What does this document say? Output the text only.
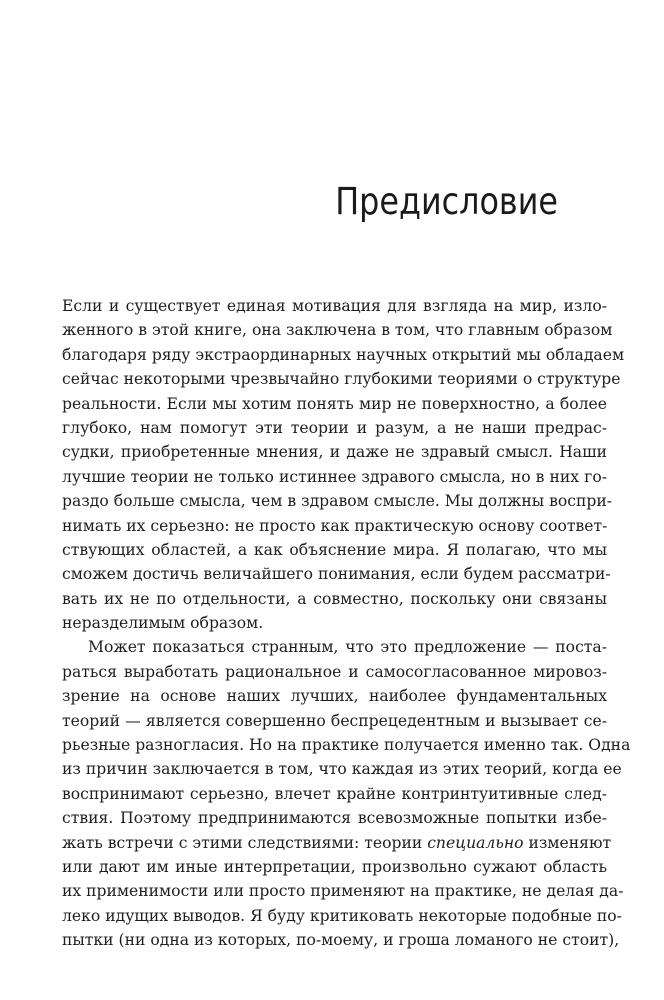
Предисловие
Если и существует единая мотивация для взгляда на мир, изло-
женного в этой книге, она заключена в том, что главным образом
благодаря ряду экстраординарных научных открытий мы обладаем
сейчас некоторыми чрезвычайно глубокими теориями о структуре
реальности. Если мы хотим понять мир не поверхностно, а более
глубоко, нам помогут эти теории и разум, а не наши предрас-
судки, приобретенные мнения, и даже не здравый смысл. Наши
лучшие теории не только истиннее здравого смысла, но в них го-
раздо больше смысла, чем в здравом смысле. Мы должны воспри-
нимать их серьезно: не просто как практическую основу соответ-
ствующих областей, а как объяснение мира. Я полагаю, что мы
сможем достичь величайшего понимания, если будем рассматри-
вать их не по отдельности, а совместно, поскольку они связаны
неразделимым образом.
Может показаться странным, что это предложение — поста-
раться выработать рациональное и самосогласованное мировоз-
зрение на основе наших лучших, наиболее фундаментальных
теорий — является совершенно беспрецедентным и вызывает се-
рьезные разногласия. Но на практике получается именно так. Одна
из причин заключается в том, что каждая из этих теорий, когда ее
воспринимают серьезно, влечет крайне контринтуитивные след-
ствия. Поэтому предпринимаются всевозможные попытки избе-
жать встречи с этими следствиями: теории специально изменяют
или дают им иные интерпретации, произвольно сужают область
их применимости или просто применяют на практике, не делая да-
леко идущих выводов. Я буду критиковать некоторые подобные по-
пытки (ни одна из которых, по-моему, и гроша ломаного не стоит),
